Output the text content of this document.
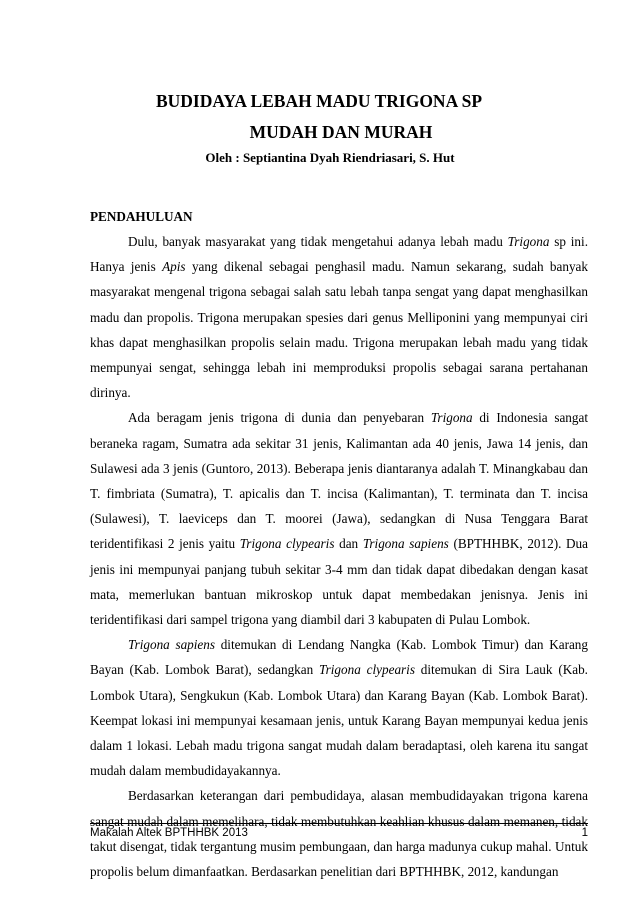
BUDIDAYA LEBAH MADU TRIGONA SP
MUDAH DAN MURAH

Oleh : Septiantina Dyah Riendriasari, S. Hut

PENDAHULUAN

Dulu, banyak masyarakat yang tidak mengetahui adanya lebah madu Trigona sp ini. Hanya jenis Apis yang dikenal sebagai penghasil madu. Namun sekarang, sudah banyak masyarakat mengenal trigona sebagai salah satu lebah tanpa sengat yang dapat menghasilkan madu dan propolis. Trigona merupakan spesies dari genus Melliponini yang mempunyai ciri khas dapat menghasilkan propolis selain madu. Trigona merupakan lebah madu yang tidak mempunyai sengat, sehingga lebah ini memproduksi propolis sebagai sarana pertahanan dirinya.

Ada beragam jenis trigona di dunia dan penyebaran Trigona di Indonesia sangat beraneka ragam, Sumatra ada sekitar 31 jenis, Kalimantan ada 40 jenis, Jawa 14 jenis, dan Sulawesi ada 3 jenis (Guntoro, 2013). Beberapa jenis diantaranya adalah T. Minangkabau dan T. fimbriata (Sumatra), T. apicalis dan T. incisa (Kalimantan), T. terminata dan T. incisa (Sulawesi), T. laeviceps dan T. moorei (Jawa), sedangkan di Nusa Tenggara Barat teridentifikasi 2 jenis yaitu Trigona clypearis dan Trigona sapiens (BPTHHBK, 2012). Dua jenis ini mempunyai panjang tubuh sekitar 3-4 mm dan tidak dapat dibedakan dengan kasat mata, memerlukan bantuan mikroskop untuk dapat membedakan jenisnya. Jenis ini teridentifikasi dari sampel trigona yang diambil dari 3 kabupaten di Pulau Lombok.

Trigona sapiens ditemukan di Lendang Nangka (Kab. Lombok Timur) dan Karang Bayan (Kab. Lombok Barat), sedangkan Trigona clypearis ditemukan di Sira Lauk (Kab. Lombok Utara), Sengkukun (Kab. Lombok Utara) dan Karang Bayan (Kab. Lombok Barat). Keempat lokasi ini mempunyai kesamaan jenis, untuk Karang Bayan mempunyai kedua jenis dalam 1 lokasi. Lebah madu trigona sangat mudah dalam beradaptasi, oleh karena itu sangat mudah dalam membudidayakannya.

Berdasarkan keterangan dari pembudidaya, alasan membudidayakan trigona karena sangat mudah dalam memelihara, tidak membutuhkan keahlian khusus dalam memanen, tidak takut disengat, tidak tergantung musim pembungaan, dan harga madunya cukup mahal. Untuk propolis belum dimanfaatkan. Berdasarkan penelitian dari BPTHHBK, 2012, kandungan

Makalah Altek BPTHHBK 2013	1
